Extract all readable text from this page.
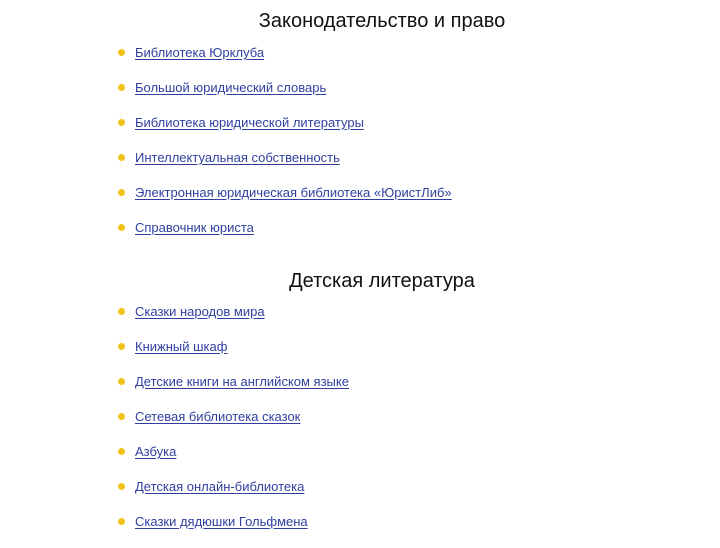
Законодательство и право
Библиотека Юрклуба
Большой юридический словарь
Библиотека юридической литературы
Интеллектуальная собственность
Электронная юридическая библиотека «ЮристЛиб»
Справочник юриста
Детская литература
Сказки народов мира
Книжный шкаф
Детские книги на английском языке
Сетевая библиотека сказок
Азбука
Детская онлайн-библиотека
Сказки дядюшки Гольфмена
